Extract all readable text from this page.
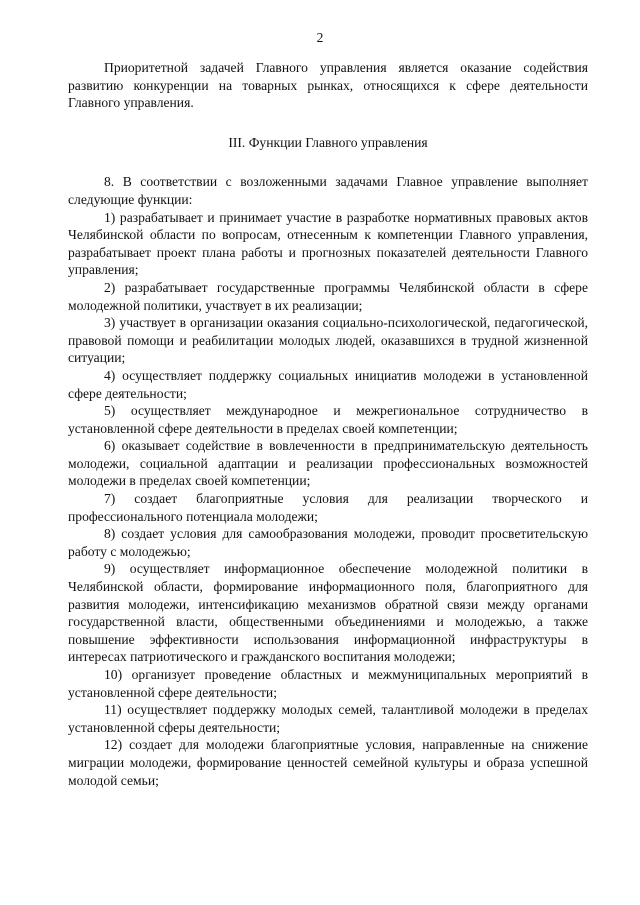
2

Приоритетной задачей Главного управления является оказание содействия развитию конкуренции на товарных рынках, относящихся к сфере деятельности Главного управления.

III. Функции Главного управления

8. В соответствии с возложенными задачами Главное управление выполняет следующие функции:

1) разрабатывает и принимает участие в разработке нормативных правовых актов Челябинской области по вопросам, отнесенным к компетенции Главного управления, разрабатывает проект плана работы и прогнозных показателей деятельности Главного управления;

2) разрабатывает государственные программы Челябинской области в сфере молодежной политики, участвует в их реализации;

3) участвует в организации оказания социально-психологической, педагогической, правовой помощи и реабилитации молодых людей, оказавшихся в трудной жизненной ситуации;

4) осуществляет поддержку социальных инициатив молодежи в установленной сфере деятельности;

5) осуществляет международное и межрегиональное сотрудничество в установленной сфере деятельности в пределах своей компетенции;

6) оказывает содействие в вовлеченности в предпринимательскую деятельность молодежи, социальной адаптации и реализации профессиональных возможностей молодежи в пределах своей компетенции;

7) создает благоприятные условия для реализации творческого и профессионального потенциала молодежи;

8) создает условия для самообразования молодежи, проводит просветительскую работу с молодежью;

9) осуществляет информационное обеспечение молодежной политики в Челябинской области, формирование информационного поля, благоприятного для развития молодежи, интенсификацию механизмов обратной связи между органами государственной власти, общественными объединениями и молодежью, а также повышение эффективности использования информационной инфраструктуры в интересах патриотического и гражданского воспитания молодежи;

10) организует проведение областных и межмуниципальных мероприятий в установленной сфере деятельности;

11) осуществляет поддержку молодых семей, талантливой молодежи в пределах установленной сферы деятельности;

12) создает для молодежи благоприятные условия, направленные на снижение миграции молодежи, формирование ценностей семейной культуры и образа успешной молодой семьи;
